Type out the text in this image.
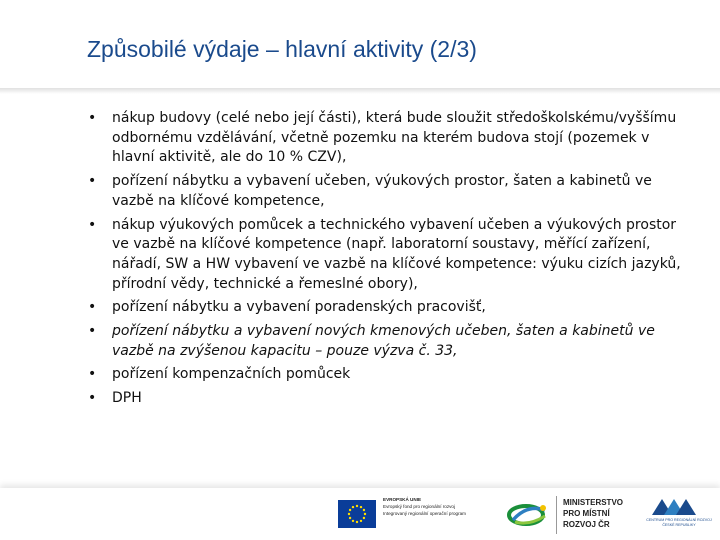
Způsobilé výdaje – hlavní aktivity (2/3)
• nákup budovy (celé nebo její části), která bude sloužit středoškolskému/vyššímu odbornému vzdělávání, včetně pozemku na kterém budova stojí (pozemek v hlavní aktivitě, ale do 10 % CZV),
• pořízení nábytku a vybavení učeben, výukových prostor, šaten a kabinetů ve vazbě na klíčové kompetence,
• nákup výukových pomůcek a technického vybavení učeben a výukových prostor ve vazbě na klíčové kompetence (např. laboratorní soustavy, měřící zařízení, nářadí, SW a HW vybavení ve vazbě na klíčové kompetence: výuku cizích jazyků, přírodní vědy, technické a řemeslné obory),
• pořízení nábytku a vybavení poradenských pracovišť,
• pořízení nábytku a vybavení nových kmenových učeben, šaten a kabinetů ve vazbě na zvýšenou kapacitu – pouze výzva č. 33,
• pořízení kompenzačních pomůcek
• DPH
EVROPSKÁ UNIE
Evropský fond pro regionální rozvoj
Integrovaný regionální operační program
MINISTERSTVO
PRO MÍSTNÍ
ROZVOJ ČR	CENTRUM PRO REGIONÁLNÍ ROZVOJ
ČESKÉ REPUBLIKY
